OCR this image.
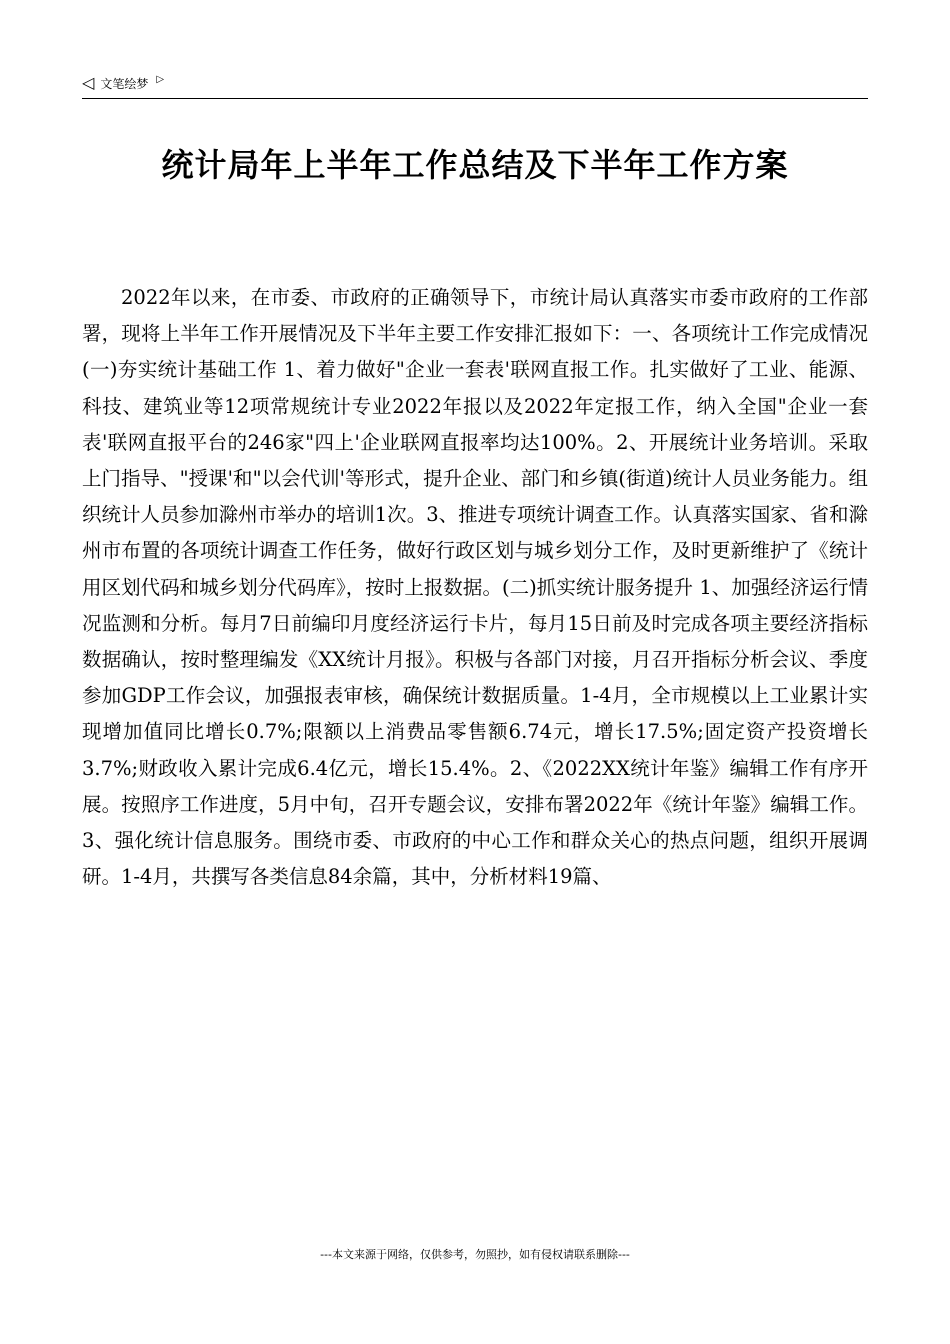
◁ 文笔绘梦 ▷
统计局年上半年工作总结及下半年工作方案

2022年以来，在市委、市政府的正确领导下，市统计局认真落实市委市政府的工作部署，现将上半年工作开展情况及下半年主要工作安排汇报如下：一、各项统计工作完成情况(一)夯实统计基础工作 1、着力做好"企业一套表'联网直报工作。扎实做好了工业、能源、科技、建筑业等12项常规统计专业2022年报以及2022年定报工作，纳入全国"企业一套表'联网直报平台的246家"四上'企业联网直报率均达100%。2、开展统计业务培训。采取上门指导、"授课'和"以会代训'等形式，提升企业、部门和乡镇(街道)统计人员业务能力。组织统计人员参加滁州市举办的培训1次。3、推进专项统计调查工作。认真落实国家、省和滁州市布置的各项统计调查工作任务，做好行政区划与城乡划分工作，及时更新维护了《统计用区划代码和城乡划分代码库》，按时上报数据。(二)抓实统计服务提升 1、加强经济运行情况监测和分析。每月7日前编印月度经济运行卡片，每月15日前及时完成各项主要经济指标数据确认，按时整理编发《XX统计月报》。积极与各部门对接，月召开指标分析会议、季度参加GDP工作会议，加强报表审核，确保统计数据质量。1-4月，全市规模以上工业累计实现增加值同比增长0.7%;限额以上消费品零售额6.74元，增长17.5%;固定资产投资增长3.7%;财政收入累计完成6.4亿元，增长15.4%。2、《2022XX统计年鉴》编辑工作有序开展。按照序工作进度，5月中旬，召开专题会议，安排布署2022年《统计年鉴》编辑工作。3、强化统计信息服务。围绕市委、市政府的中心工作和群众关心的热点问题，组织开展调研。1-4月，共撰写各类信息84余篇，其中，分析材料19篇、

---本文来源于网络，仅供参考，勿照抄，如有侵权请联系删除---
